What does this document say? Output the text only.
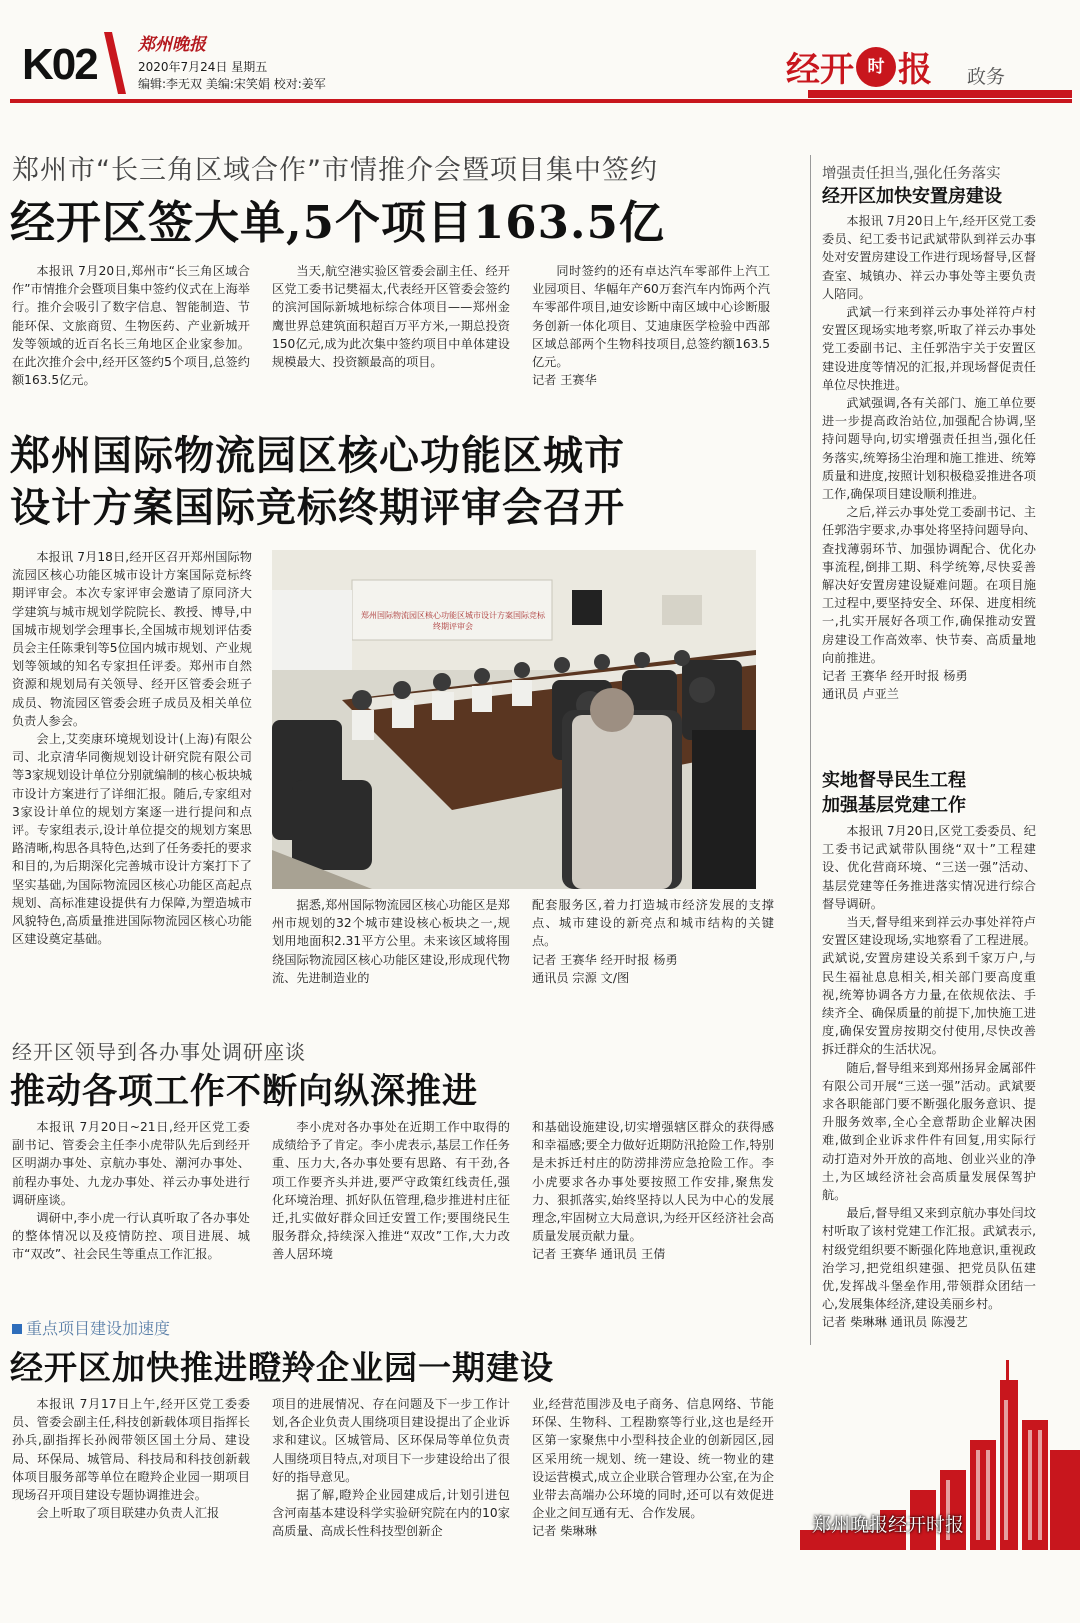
K02 郑州晚报
2020年7月24日 星期五
编辑:李无双 美编:宋笑娟 校对:姜军	经开 时 报 政务
郑州市“长三角区域合作”市情推介会暨项目集中签约
经开区签大单,5个项目163.5亿

本报讯 7月20日,郑州市“长三角区域合作”市情推介会暨项目集中签约仪式在上海举行。推介会吸引了数字信息、智能制造、节能环保、文旅商贸、生物医药、产业新城开发等领域的近百名长三角地区企业家参加。在此次推介会中,经开区签约5个项目,总签约额163.5亿元。

当天,航空港实验区管委会副主任、经开区党工委书记樊福太,代表经开区管委会签约的滨河国际新城地标综合体项目——郑州金鹰世界总建筑面积超百万平方米,一期总投资150亿元,成为此次集中签约项目中单体建设规模最大、投资额最高的项目。

同时签约的还有卓达汽车零部件上汽工业园项目、华幅年产60万套汽车内饰两个汽车零部件项目,迪安诊断中南区域中心诊断服务创新一体化项目、艾迪康医学检验中西部区域总部两个生物科技项目,总签约额163.5亿元。

记者 王赛华
郑州国际物流园区核心功能区城市
设计方案国际竞标终期评审会召开

本报讯 7月18日,经开区召开郑州国际物流园区核心功能区城市设计方案国际竞标终期评审会。本次专家评审会邀请了原同济大学建筑与城市规划学院院长、教授、博导,中国城市规划学会理事长,全国城市规划评估委员会主任陈秉钊等5位国内城市规划、产业规划等领域的知名专家担任评委。郑州市自然资源和规划局有关领导、经开区管委会班子成员、物流园区管委会班子成员及相关单位负责人参会。

会上,艾奕康环境规划设计(上海)有限公司、北京清华同衡规划设计研究院有限公司等3家规划设计单位分别就编制的核心板块城市设计方案进行了详细汇报。随后,专家组对3家设计单位的规划方案逐一进行提问和点评。专家组表示,设计单位提交的规划方案思路清晰,构思各具特色,达到了任务委托的要求和目的,为后期深化完善城市设计方案打下了坚实基础,为国际物流园区核心功能区高起点规划、高标准建设提供有力保障,为塑造城市风貌特色,高质量推进国际物流园区核心功能区建设奠定基础。

郑州国际物流园区核心功能区城市设计方案国际竞标终期评审会

据悉,郑州国际物流园区核心功能区是郑州市规划的32个城市建设核心板块之一,规划用地面积2.31平方公里。未来该区域将围绕国际物流园区核心功能区建设,形成现代物流、先进制造业的

配套服务区,着力打造城市经济发展的支撑点、城市建设的新亮点和城市结构的关键点。

记者 王赛华 经开时报 杨勇
通讯员 宗源 文/图
经开区领导到各办事处调研座谈
推动各项工作不断向纵深推进

本报讯 7月20日~21日,经开区党工委副书记、管委会主任李小虎带队先后到经开区明湖办事处、京航办事处、潮河办事处、前程办事处、九龙办事处、祥云办事处进行调研座谈。

调研中,李小虎一行认真听取了各办事处的整体情况以及疫情防控、项目进展、城市“双改”、社会民生等重点工作汇报。

李小虎对各办事处在近期工作中取得的成绩给予了肯定。李小虎表示,基层工作任务重、压力大,各办事处要有思路、有干劲,各项工作要齐头并进,要严守政策红线责任,强化环境治理、抓好队伍管理,稳步推进村庄征迁,扎实做好群众回迁安置工作;要围绕民生服务群众,持续深入推进“双改”工作,大力改善人居环境

和基础设施建设,切实增强辖区群众的获得感和幸福感;要全力做好近期防汛抢险工作,特别是未拆迁村庄的防涝排涝应急抢险工作。李小虎要求各办事处要按照工作安排,聚焦发力、狠抓落实,始终坚持以人民为中心的发展理念,牢固树立大局意识,为经开区经济社会高质量发展贡献力量。

记者 王赛华 通讯员 王倩
重点项目建设加速度
经开区加快推进瞪羚企业园一期建设

本报讯 7月17日上午,经开区党工委委员、管委会副主任,科技创新载体项目指挥长孙兵,副指挥长孙阀带领区国土分局、建设局、环保局、城管局、科技局和科技创新载体项目服务部等单位在瞪羚企业园一期项目现场召开项目建设专题协调推进会。

会上听取了项目联建办负责人汇报

项目的进展情况、存在问题及下一步工作计划,各企业负责人围绕项目建设提出了企业诉求和建议。区城管局、区环保局等单位负责人围绕项目特点,对项目下一步建设给出了很好的指导意见。

据了解,瞪羚企业园建成后,计划引进包含河南基本建设科学实验研究院在内的10家高质量、高成长性科技型创新企

业,经营范围涉及电子商务、信息网络、节能环保、生物科、工程勘察等行业,这也是经开区第一家聚焦中小型科技企业的创新园区,园区采用统一规划、统一建设、统一物业的建设运营模式,成立企业联合管理办公室,在为企业带去高端办公环境的同时,还可以有效促进企业之间互通有无、合作发展。

记者 柴琳琳
增强责任担当,强化任务落实
经开区加快安置房建设

本报讯 7月20日上午,经开区党工委委员、纪工委书记武斌带队到祥云办事处对安置房建设工作进行现场督导,区督查室、城镇办、祥云办事处等主要负责人陪同。

武斌一行来到祥云办事处祥符卢村安置区现场实地考察,听取了祥云办事处党工委副书记、主任郭浩宇关于安置区建设进度等情况的汇报,并现场督促责任单位尽快推进。

武斌强调,各有关部门、施工单位要进一步提高政治站位,加强配合协调,坚持问题导向,切实增强责任担当,强化任务落实,统筹扬尘治理和施工推进、统筹质量和进度,按照计划积极稳妥推进各项工作,确保项目建设顺利推进。

之后,祥云办事处党工委副书记、主任郭浩宇要求,办事处将坚持问题导向、查找薄弱环节、加强协调配合、优化办事流程,倒排工期、科学统筹,尽快妥善解决好安置房建设疑难问题。在项目施工过程中,要坚持安全、环保、进度相统一,扎实开展好各项工作,确保推动安置房建设工作高效率、快节奏、高质量地向前推进。

记者 王赛华 经开时报 杨勇
通讯员 卢亚兰
实地督导民生工程
加强基层党建工作

本报讯 7月20日,区党工委委员、纪工委书记武斌带队围绕“双十”工程建设、优化营商环境、“三送一强”活动、基层党建等任务推进落实情况进行综合督导调研。

当天,督导组来到祥云办事处祥符卢安置区建设现场,实地察看了工程进展。武斌说,安置房建设关系到千家万户,与民生福祉息息相关,相关部门要高度重视,统筹协调各方力量,在依规依法、手续齐全、确保质量的前提下,加快施工进度,确保安置房按期交付使用,尽快改善拆迁群众的生活状况。

随后,督导组来到郑州扬昇金属部件有限公司开展“三送一强”活动。武斌要求各职能部门要不断强化服务意识、提升服务效率,全心全意帮助企业解决困难,做到企业诉求件件有回复,用实际行动打造对外开放的高地、创业兴业的净土,为区域经济社会高质量发展保驾护航。

最后,督导组又来到京航办事处闫坟村听取了该村党建工作汇报。武斌表示,村级党组织要不断强化阵地意识,重视政治学习,把党组织建强、把党员队伍建优,发挥战斗堡垒作用,带领群众团结一心,发展集体经济,建设美丽乡村。

记者 柴琳琳 通讯员 陈漫艺
郑州晚报经开时报
